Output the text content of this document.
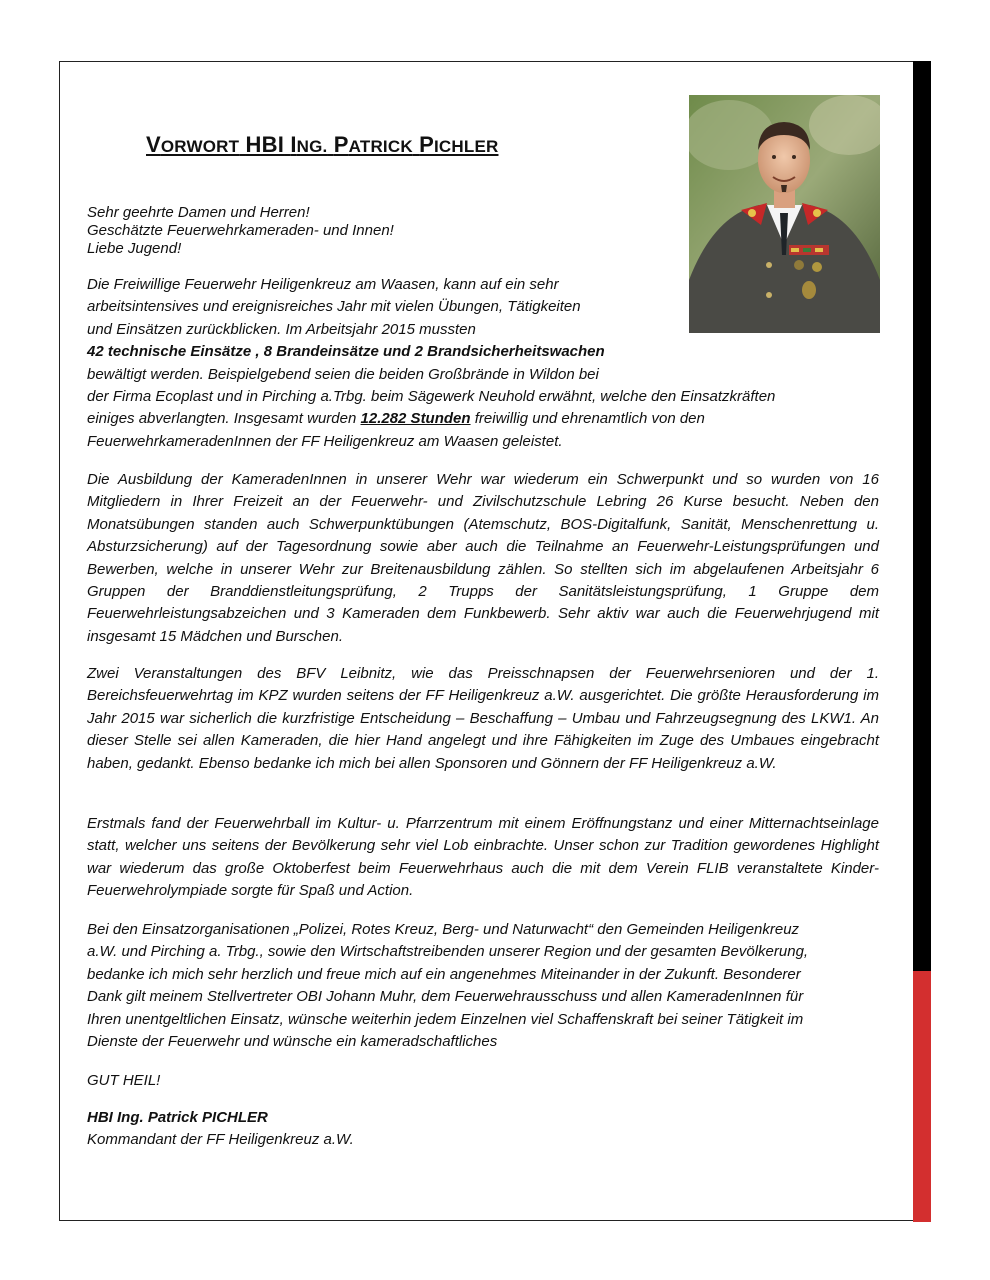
VORWORT HBI ING. PATRICK PICHLER
Sehr geehrte Damen und Herren!
Geschätzte Feuerwehrkameraden- und Innen!
Liebe Jugend!
Die Freiwillige Feuerwehr Heiligenkreuz am Waasen, kann auf ein sehr
arbeitsintensives und ereignisreiches Jahr mit vielen Übungen, Tätigkeiten
und Einsätzen zurückblicken. Im Arbeitsjahr 2015 mussten
42 technische Einsätze , 8 Brandeinsätze und 2 Brandsicherheitswachen
bewältigt werden. Beispielgebend seien die beiden Großbrände in Wildon bei
der Firma Ecoplast und in Pirching a.Trbg. beim Sägewerk Neuhold erwähnt, welche den Einsatzkräften
einiges abverlangten. Insgesamt wurden 12.282 Stunden freiwillig und ehrenamtlich von den
FeuerwehrkameradenInnen der FF Heiligenkreuz am Waasen geleistet.
Die Ausbildung der KameradenInnen in unserer Wehr war wiederum ein Schwerpunkt und so wurden von 16 Mitgliedern in Ihrer Freizeit an der Feuerwehr- und Zivilschutzschule Lebring 26 Kurse besucht. Neben den Monatsübungen standen auch Schwerpunktübungen (Atemschutz, BOS-Digitalfunk, Sanität, Menschenrettung u. Absturzsicherung) auf der Tagesordnung sowie aber auch die Teilnahme an Feuerwehr-Leistungsprüfungen und Bewerben, welche in unserer Wehr zur Breitenausbildung zählen. So stellten sich im abgelaufenen Arbeitsjahr 6 Gruppen der Branddienstleitungsprüfung, 2 Trupps der Sanitätsleistungsprüfung, 1 Gruppe dem Feuerwehrleistungsabzeichen und 3 Kameraden dem Funkbewerb. Sehr aktiv war auch die Feuerwehrjugend mit insgesamt 15 Mädchen und Burschen.
Zwei Veranstaltungen des BFV Leibnitz, wie das Preisschnapsen der Feuerwehrsenioren und der 1. Bereichsfeuerwehrtag im KPZ wurden seitens der FF Heiligenkreuz a.W. ausgerichtet. Die größte Herausforderung im Jahr 2015 war sicherlich die kurzfristige Entscheidung – Beschaffung – Umbau und Fahrzeugsegnung des LKW1. An dieser Stelle sei allen Kameraden, die hier Hand angelegt und ihre Fähigkeiten im Zuge des Umbaues eingebracht haben, gedankt. Ebenso bedanke ich mich bei allen Sponsoren und Gönnern der FF Heiligenkreuz a.W.
Erstmals fand der Feuerwehrball im Kultur- u. Pfarrzentrum mit einem Eröffnungstanz und einer Mitternachtseinlage statt, welcher uns seitens der Bevölkerung sehr viel Lob einbrachte. Unser schon zur Tradition gewordenes Highlight war wiederum das große Oktoberfest beim Feuerwehrhaus auch die mit dem Verein FLIB veranstaltete Kinder-Feuerwehrolympiade sorgte für Spaß und Action.
Bei den Einsatzorganisationen „Polizei, Rotes Kreuz, Berg- und Naturwacht“ den Gemeinden Heiligenkreuz
a.W. und Pirching a. Trbg., sowie den Wirtschaftstreibenden unserer Region und der gesamten Bevölkerung,
bedanke ich mich sehr herzlich und freue mich auf ein angenehmes Miteinander in der Zukunft. Besonderer
Dank gilt meinem Stellvertreter OBI Johann Muhr, dem Feuerwehrausschuss und allen KameradenInnen für
Ihren unentgeltlichen Einsatz, wünsche weiterhin jedem Einzelnen viel Schaffenskraft bei seiner Tätigkeit im
Dienste der Feuerwehr und wünsche ein kameradschaftliches
GUT HEIL!
HBI Ing. Patrick PICHLER
Kommandant der FF Heiligenkreuz a.W.
